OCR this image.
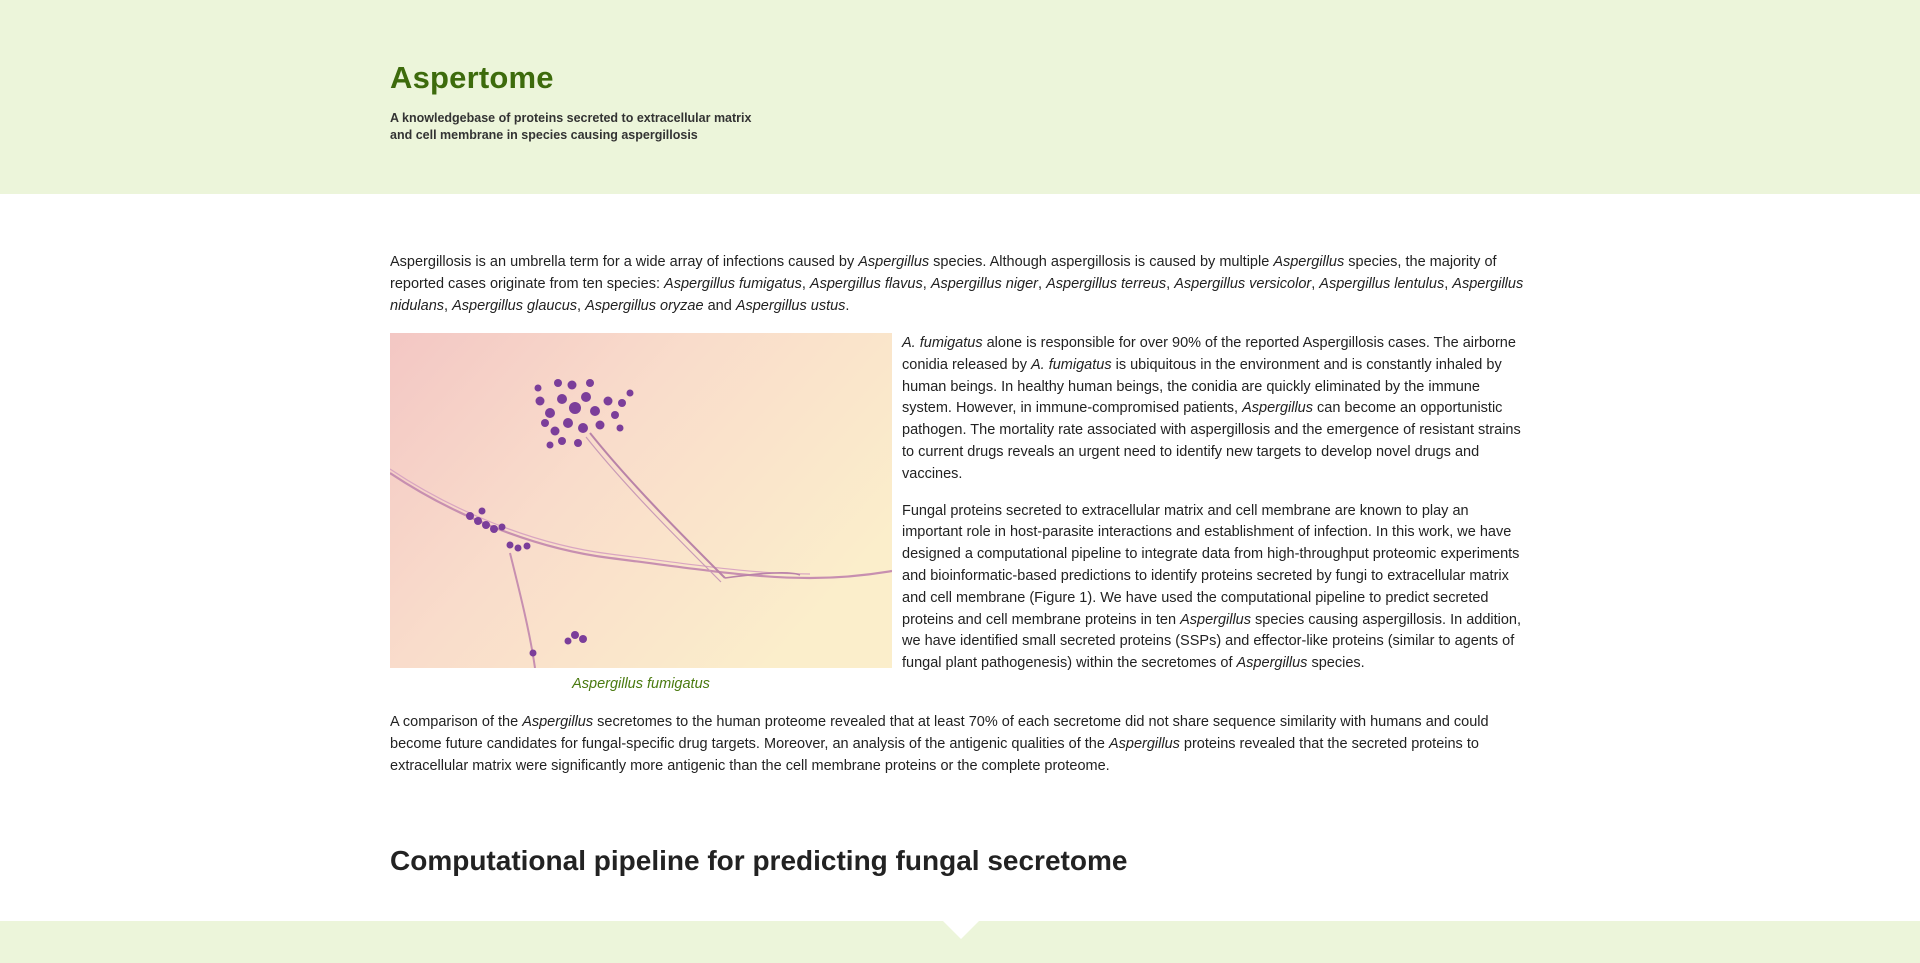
Aspertome
A knowledgebase of proteins secreted to extracellular matrix and cell membrane in species causing aspergillosis
Aspergillosis is an umbrella term for a wide array of infections caused by Aspergillus species. Although aspergillosis is caused by multiple Aspergillus species, the majority of reported cases originate from ten species: Aspergillus fumigatus, Aspergillus flavus, Aspergillus niger, Aspergillus terreus, Aspergillus versicolor, Aspergillus lentulus, Aspergillus nidulans, Aspergillus glaucus, Aspergillus oryzae and Aspergillus ustus.
Aspergillus fumigatus

A. fumigatus alone is responsible for over 90% of the reported Aspergillosis cases. The airborne conidia released by A. fumigatus is ubiquitous in the environment and is constantly inhaled by human beings. In healthy human beings, the conidia are quickly eliminated by the immune system. However, in immune-compromised patients, Aspergillus can become an opportunistic pathogen. The mortality rate associated with aspergillosis and the emergence of resistant strains to current drugs reveals an urgent need to identify new targets to develop novel drugs and vaccines.

Fungal proteins secreted to extracellular matrix and cell membrane are known to play an important role in host-parasite interactions and establishment of infection. In this work, we have designed a computational pipeline to integrate data from high-throughput proteomic experiments and bioinformatic-based predictions to identify proteins secreted by fungi to extracellular matrix and cell membrane (Figure 1). We have used the computational pipeline to predict secreted proteins and cell membrane proteins in ten Aspergillus species causing aspergillosis. In addition, we have identified small secreted proteins (SSPs) and effector-like proteins (similar to agents of fungal plant pathogenesis) within the secretomes of Aspergillus species.

A comparison of the Aspergillus secretomes to the human proteome revealed that at least 70% of each secretome did not share sequence similarity with humans and could become future candidates for fungal-specific drug targets. Moreover, an analysis of the antigenic qualities of the Aspergillus proteins revealed that the secreted proteins to extracellular matrix were significantly more antigenic than the cell membrane proteins or the complete proteome.
Computational pipeline for predicting fungal secretome
